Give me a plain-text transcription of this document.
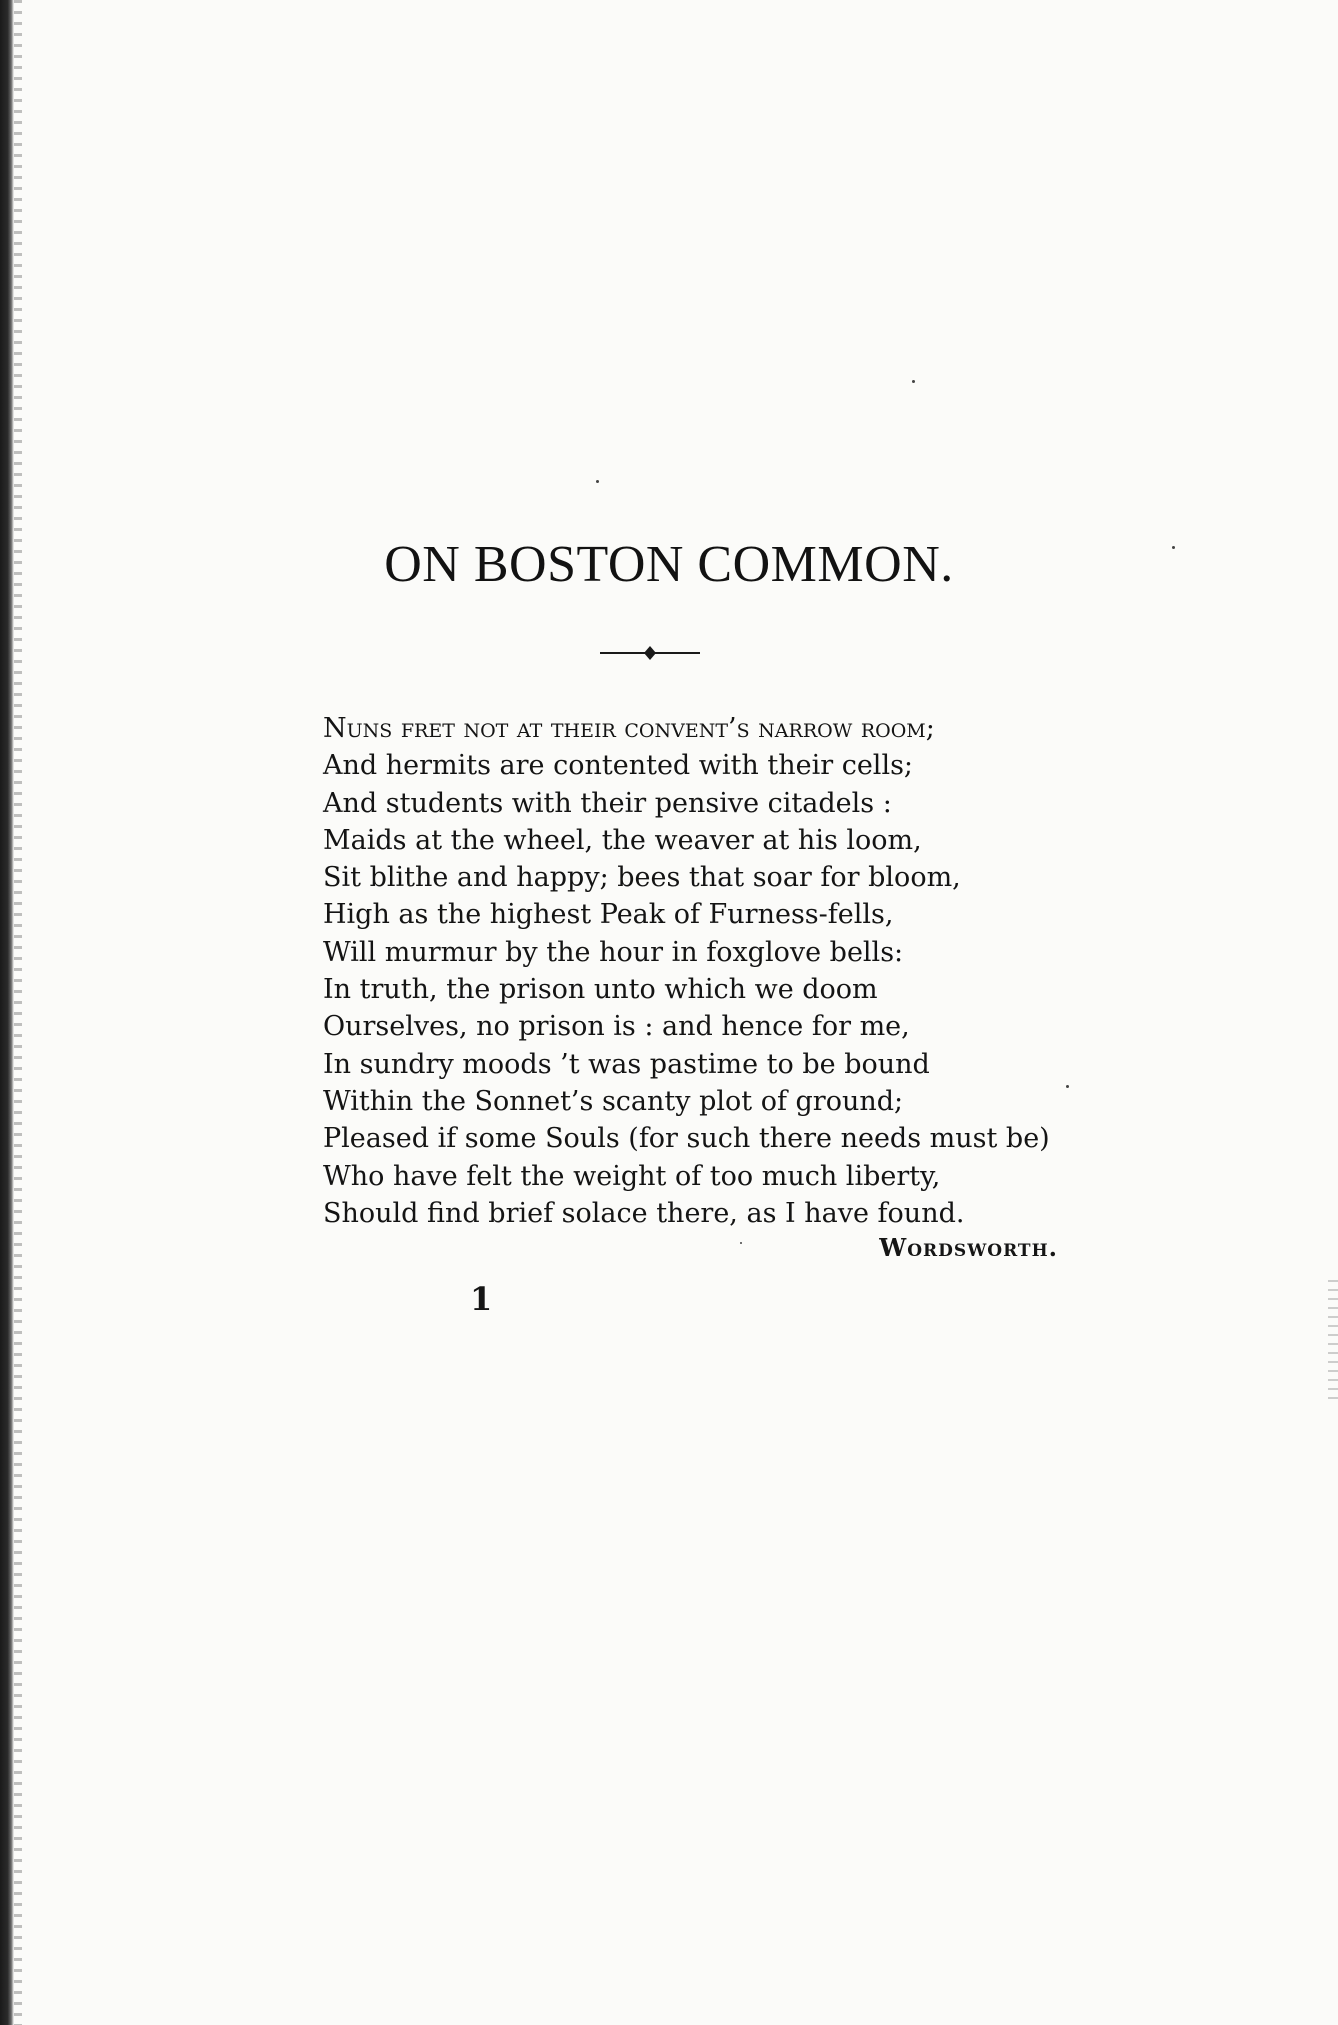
ON BOSTON COMMON.
Nuns fret not at their convent’s narrow room;
And hermits are contented with their cells;
And students with their pensive citadels :
Maids at the wheel, the weaver at his loom,
Sit blithe and happy; bees that soar for bloom,
High as the highest Peak of Furness-fells,
Will murmur by the hour in foxglove bells:
In truth, the prison unto which we doom
Ourselves, no prison is : and hence for me,
In sundry moods ’t was pastime to be bound
Within the Sonnet’s scanty plot of ground;
Pleased if some Souls (for such there needs must be)
Who have felt the weight of too much liberty,
Should find brief solace there, as I have found.
Wordsworth.
1
